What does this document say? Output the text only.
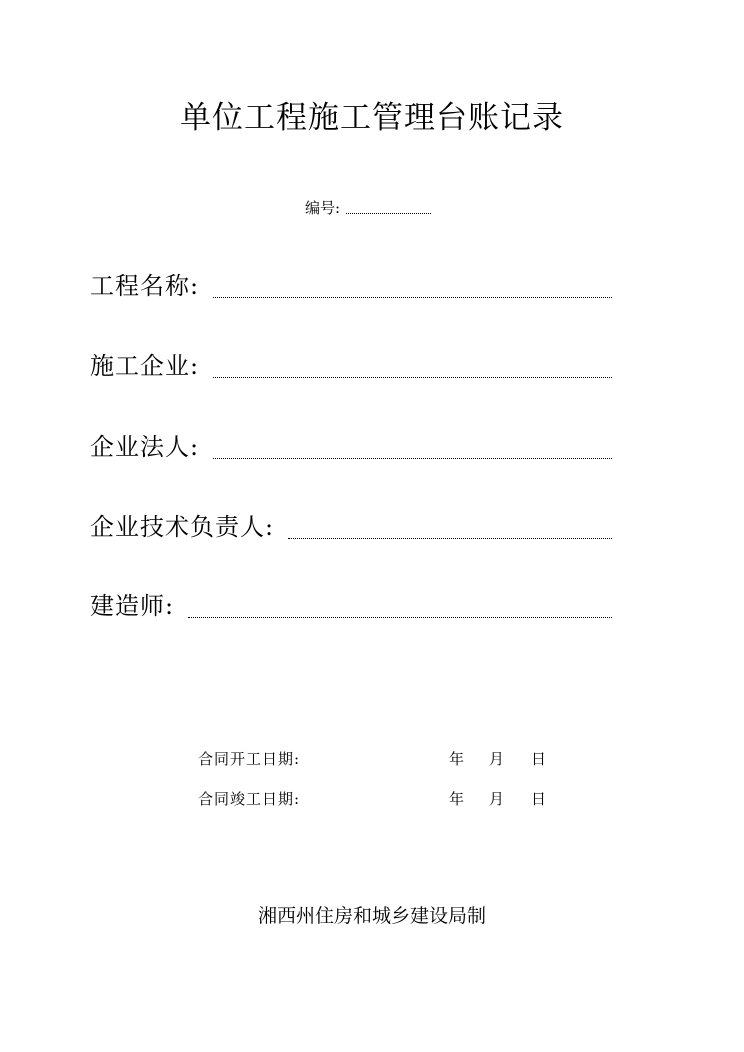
单位工程施工管理台账记录
编号:
工程名称:
施工企业:
企业法人:
企业技术负责人:
建造师:
合同开工日期:	年 月 日
合同竣工日期:	年 月 日
湘西州住房和城乡建设局制
